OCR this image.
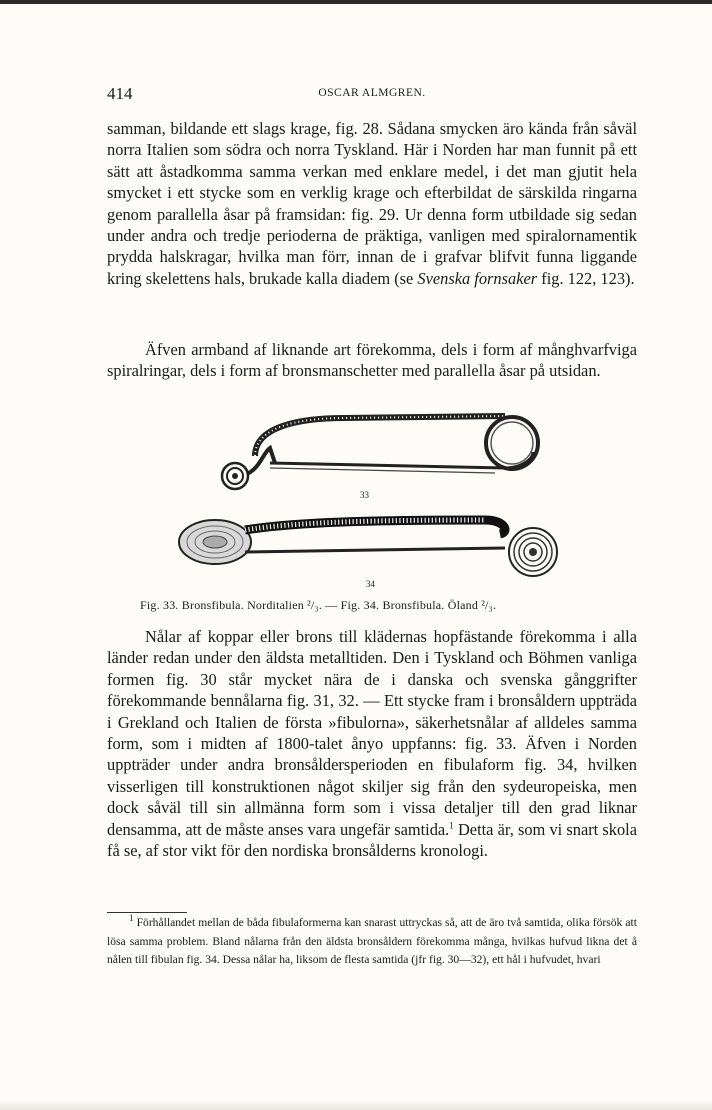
414	OSCAR ALMGREN.

samman, bildande ett slags krage, fig. 28. Sådana smycken äro kända från såväl norra Italien som södra och norra Tyskland. Här i Norden har man funnit på ett sätt att åstadkomma samma verkan med enklare medel, i det man gjutit hela smycket i ett stycke som en verklig krage och efterbildat de särskilda ringarna genom parallella åsar på framsidan: fig. 29. Ur denna form utbildade sig sedan under andra och tredje perioderna de präktiga, vanligen med spiralornamentik prydda halskragar, hvilka man förr, innan de i grafvar blifvit funna liggande kring skelettens hals, brukade kalla diadem (se Svenska fornsaker fig. 122, 123).

Äfven armband af liknande art förekomma, dels i form af månghvarfviga spiralringar, dels i form af bronsmanschetter med parallella åsar på utsidan.

33
34
Fig. 33. Bronsfibula. Norditalien ²/₃. — Fig. 34. Bronsfibula. Öland ²/₃.

Nålar af koppar eller brons till klädernas hopfästande förekomma i alla länder redan under den äldsta metalltiden. Den i Tyskland och Böhmen vanliga formen fig. 30 står mycket nära de i danska och svenska gånggrifter förekommande bennålarna fig. 31, 32. — Ett stycke fram i bronsåldern uppträda i Grekland och Italien de första »fibulorna», säkerhetsnålar af alldeles samma form, som i midten af 1800-talet ånyo uppfanns: fig. 33. Äfven i Norden uppträder under andra bronsåldersperioden en fibulaform fig. 34, hvilken visserligen till konstruktionen något skiljer sig från den sydeuropeiska, men dock såväl till sin allmänna form som i vissa detaljer till den grad liknar densamma, att de måste anses vara ungefär samtida.$^1$ Detta är, som vi snart skola få se, af stor vikt för den nordiska bronsålderns kronologi.

$^1$ Förhållandet mellan de båda fibulaformerna kan snarast uttryckas så, att de äro två samtida, olika försök att lösa samma problem. Bland nålarna från den äldsta bronsåldern förekomma många, hvilkas hufvud likna det å nålen till fibulan fig. 34. Dessa nålar ha, liksom de flesta samtida (jfr fig. 30—32), ett hål i hufvudet, hvari
